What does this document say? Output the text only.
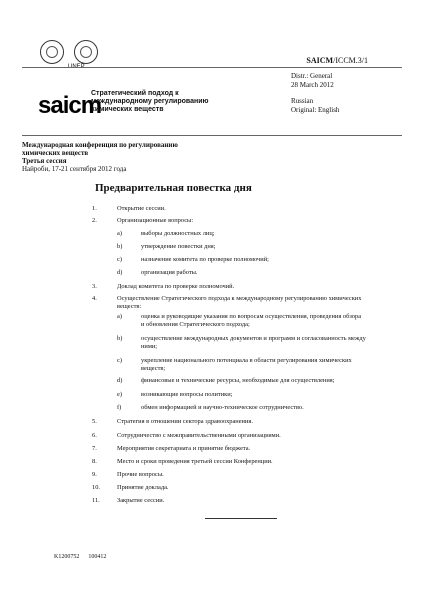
SAICM/ICCM.3/1
Distr.: General
28 March 2012
Russian
Original: English
saicm
Стратегический подход к
международному регулированию
химических веществ
Международная конференция по регулированию
химических веществ
Третья сессия
Найроби, 17-21 сентября 2012 года
Предварительная повестка дня
1.	Открытие сессии.
2.	Организационные вопросы:
a)	выборы должностных лиц;
b)	утверждение повестки дня;
c)	назначение комитета по проверке полномочий;
d)	организация работы.
3.	Доклад комитета по проверке полномочий.
4.	Осуществление Стратегического подхода к международному регулированию химических веществ:
a)	оценка и руководящие указания по вопросам осуществления, проведения обзора и обновления Стратегического подхода;
b)	осуществление международных документов и программ и согласованность между ними;
c)	укрепление национального потенциала в области регулирования химических веществ;
d)	финансовые и технические ресурсы, необходимые для осуществления;
e)	возникающие вопросы политики;
f)	обмен информацией и научно-техническое сотрудничество.
5.	Стратегия в отношении сектора здравоохранения.
6.	Сотрудничество с межправительственными организациями.
7.	Мероприятия секретариата и принятие бюджета.
8.	Место и сроки проведения третьей сессии Конференции.
9.	Прочие вопросы.
10.	Принятие доклада.
11.	Закрытие сессии.
K1200752 100412
